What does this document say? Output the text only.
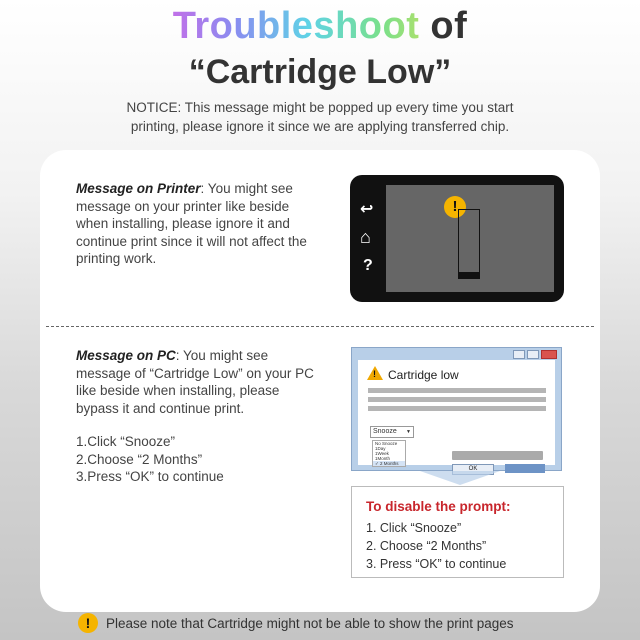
Troubleshoot of
“Cartridge Low”
NOTICE: This message might be popped up every time you start
printing, please ignore it since we are applying transferred chip.
Message on Printer: You might see
message on your printer like beside
when installing, please ignore it and
continue print since it will not affect the
printing work.
↩
⌂
?
!
Message on PC: You might see
message of “Cartridge Low” on your PC
like beside when installing, please
bypass it and continue print.
1.Click “Snooze”
2.Choose “2 Months”
3.Press “OK” to continue
! Cartridge low
Snooze ▼
No Snooze
1Day
1Week
1Month
✓ 2 Months
OK
To disable the prompt:
1. Click “Snooze”
2. Choose “2 Months”
3. Press “OK” to continue
!	Please note that Cartridge might not be able to show the print pages
